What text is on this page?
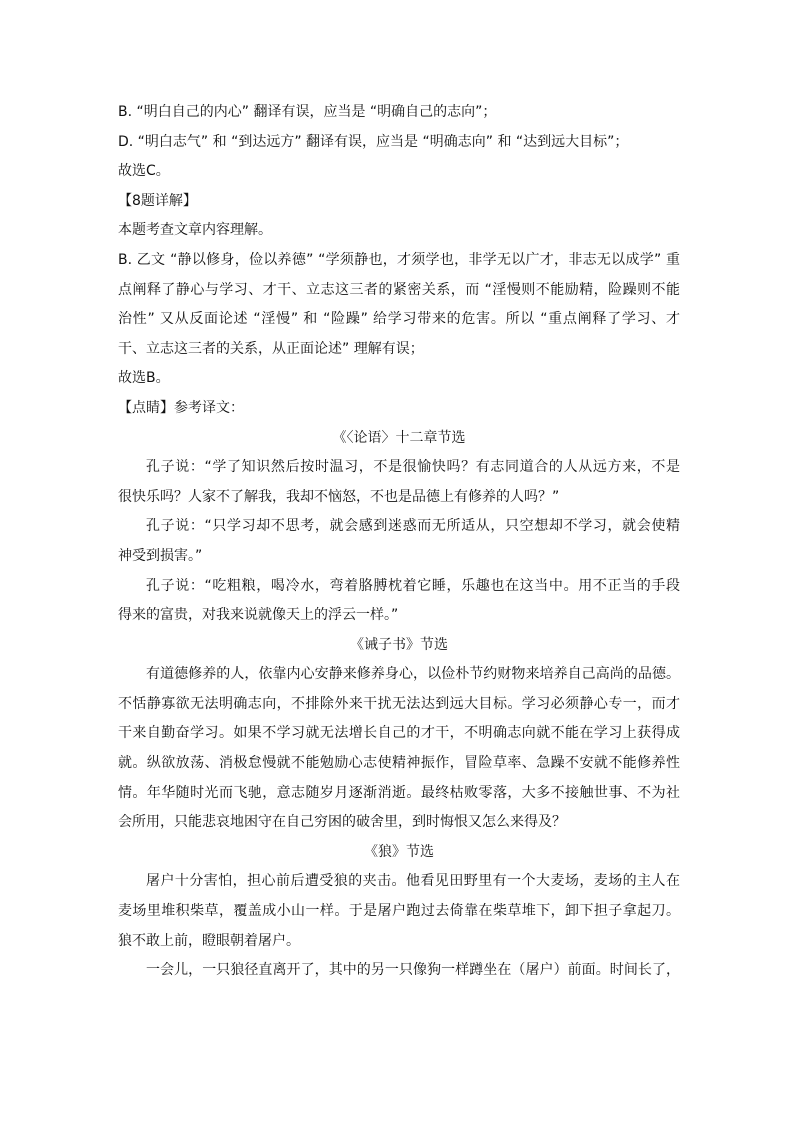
B. “明白自己的内心” 翻译有误，应当是 “明确自己的志向”；
D. “明白志气” 和 “到达远方” 翻译有误，应当是 “明确志向” 和 “达到远大目标”；
故选C。
【8题详解】
本题考查文章内容理解。
B. 乙文 “静以修身，俭以养德” “学须静也，才须学也，非学无以广才，非志无以成学” 重
点阐释了静心与学习、才干、立志这三者的紧密关系，而 “淫慢则不能励精，险躁则不能
治性” 又从反面论述 “淫慢” 和 “险躁” 给学习带来的危害。所以 “重点阐释了学习、才
干、立志这三者的关系，从正面论述” 理解有误；
故选B。
【点睛】参考译文：
《〈论语〉十二章节选
孔子说：“学了知识然后按时温习，不是很愉快吗？有志同道合的人从远方来，不是
很快乐吗？人家不了解我，我却不恼怒，不也是品德上有修养的人吗？”
孔子说：“只学习却不思考，就会感到迷惑而无所适从，只空想却不学习，就会使精
神受到损害。”
孔子说：“吃粗粮，喝冷水，弯着胳膊枕着它睡，乐趣也在这当中。用不正当的手段
得来的富贵，对我来说就像天上的浮云一样。”
《诫子书》节选
有道德修养的人，依靠内心安静来修养身心，以俭朴节约财物来培养自己高尚的品德。
不恬静寡欲无法明确志向，不排除外来干扰无法达到远大目标。学习必须静心专一，而才
干来自勤奋学习。如果不学习就无法增长自己的才干，不明确志向就不能在学习上获得成
就。纵欲放荡、消极怠慢就不能勉励心志使精神振作，冒险草率、急躁不安就不能修养性
情。年华随时光而飞驰，意志随岁月逐渐消逝。最终枯败零落，大多不接触世事、不为社
会所用，只能悲哀地困守在自己穷困的破舍里，到时悔恨又怎么来得及？
《狼》节选
屠户十分害怕，担心前后遭受狼的夹击。他看见田野里有一个大麦场，麦场的主人在
麦场里堆积柴草，覆盖成小山一样。于是屠户跑过去倚靠在柴草堆下，卸下担子拿起刀。
狼不敢上前，瞪眼朝着屠户。
一会儿，一只狼径直离开了，其中的另一只像狗一样蹲坐在（屠户）前面。时间长了，
